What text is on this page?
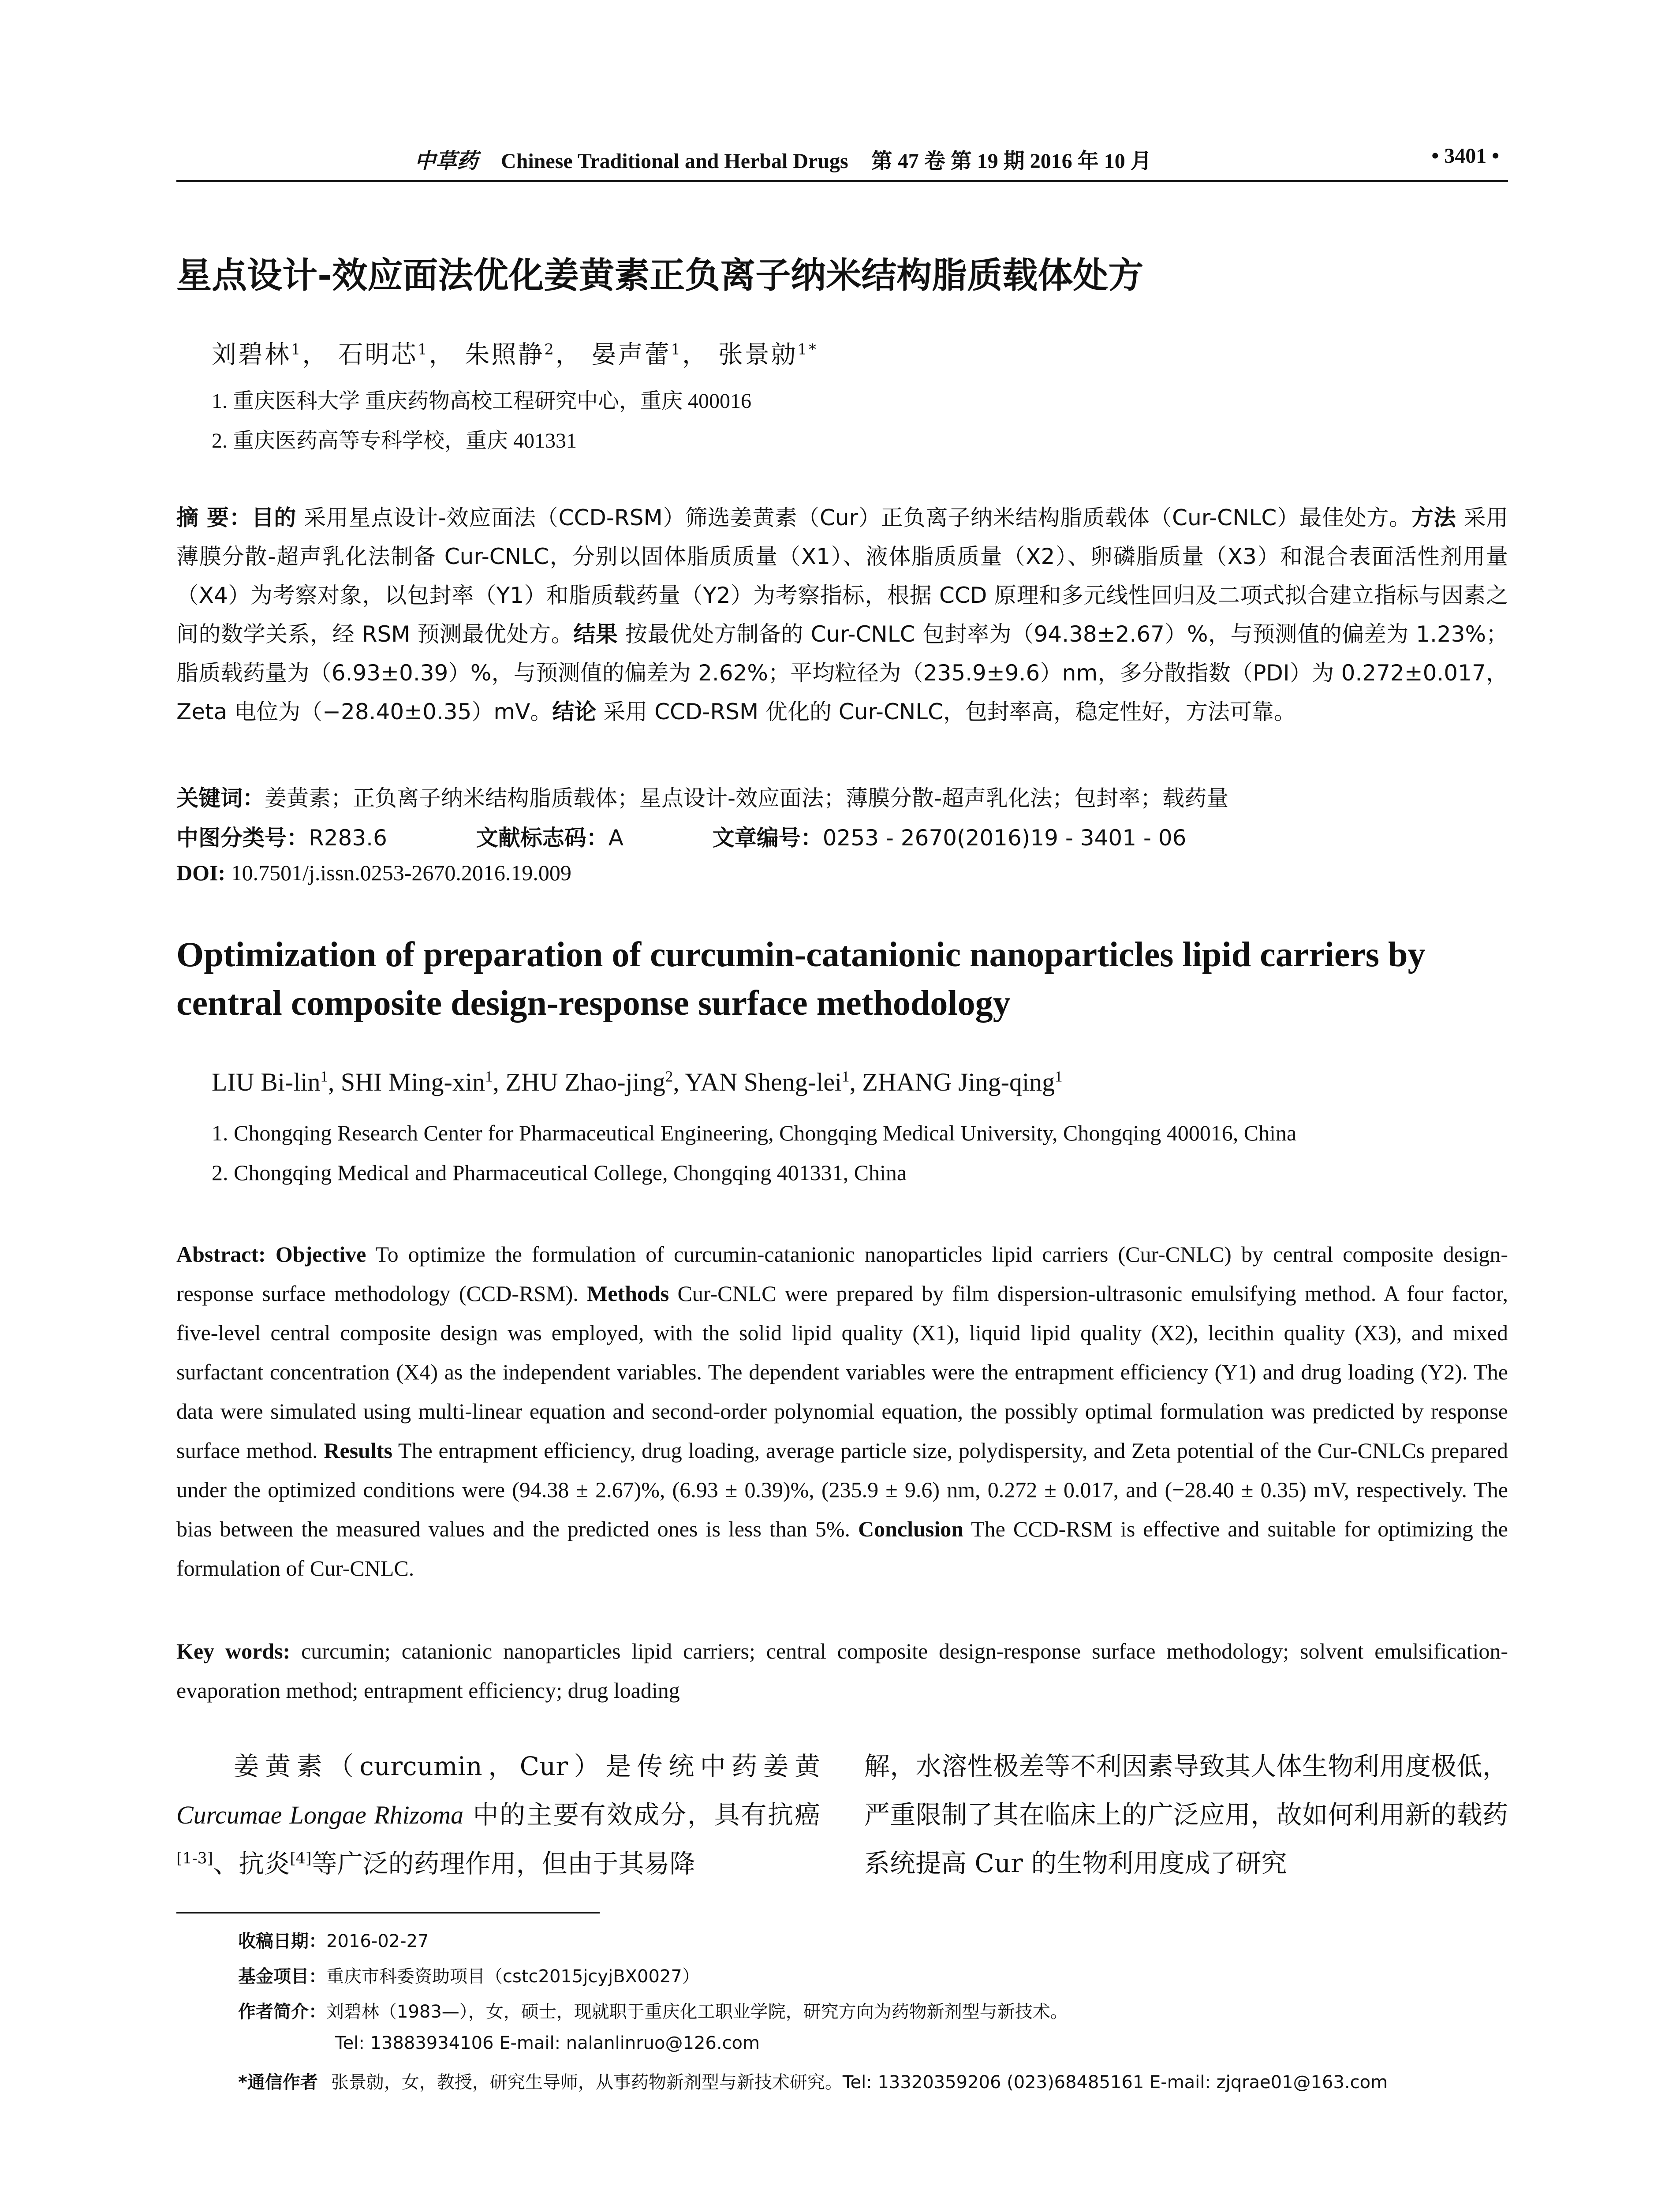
中草药 Chinese Traditional and Herbal Drugs 第 47 卷 第 19 期 2016 年 10 月	• 3401 •
星点设计-效应面法优化姜黄素正负离子纳米结构脂质载体处方
刘碧林$^1$， 石明芯$^1$， 朱照静$^2$， 晏声蕾$^1$， 张景勍$^{1*}$
1. 重庆医科大学 重庆药物高校工程研究中心，重庆 400016
2. 重庆医药高等专科学校，重庆 401331
摘 要：目的 采用星点设计-效应面法（CCD-RSM）筛选姜黄素（Cur）正负离子纳米结构脂质载体（Cur-CNLC）最佳处方。方法 采用薄膜分散-超声乳化法制备 Cur-CNLC，分别以固体脂质质量（X1）、液体脂质质量（X2）、卵磷脂质量（X3）和混合表面活性剂用量（X4）为考察对象，以包封率（Y1）和脂质载药量（Y2）为考察指标，根据 CCD 原理和多元线性回归及二项式拟合建立指标与因素之间的数学关系，经 RSM 预测最优处方。结果 按最优处方制备的 Cur-CNLC 包封率为（94.38±2.67）%，与预测值的偏差为 1.23%；脂质载药量为（6.93±0.39）%，与预测值的偏差为 2.62%；平均粒径为（235.9±9.6）nm，多分散指数（PDI）为 0.272±0.017，Zeta 电位为（−28.40±0.35）mV。结论 采用 CCD-RSM 优化的 Cur-CNLC，包封率高，稳定性好，方法可靠。
关键词：姜黄素；正负离子纳米结构脂质载体；星点设计-效应面法；薄膜分散-超声乳化法；包封率；载药量
中图分类号：R283.6	文献标志码：A	文章编号：0253 - 2670(2016)19 - 3401 - 06
DOI: 10.7501/j.issn.0253-2670.2016.19.009
Optimization of preparation of curcumin-catanionic nanoparticles lipid carriers by central composite design-response surface methodology
LIU Bi-lin$^1$, SHI Ming-xin$^1$, ZHU Zhao-jing$^2$, YAN Sheng-lei$^1$, ZHANG Jing-qing$^1$
1. Chongqing Research Center for Pharmaceutical Engineering, Chongqing Medical University, Chongqing 400016, China
2. Chongqing Medical and Pharmaceutical College, Chongqing 401331, China
Abstract: Objective To optimize the formulation of curcumin-catanionic nanoparticles lipid carriers (Cur-CNLC) by central composite design-response surface methodology (CCD-RSM). Methods Cur-CNLC were prepared by film dispersion-ultrasonic emulsifying method. A four factor, five-level central composite design was employed, with the solid lipid quality (X1), liquid lipid quality (X2), lecithin quality (X3), and mixed surfactant concentration (X4) as the independent variables. The dependent variables were the entrapment efficiency (Y1) and drug loading (Y2). The data were simulated using multi-linear equation and second-order polynomial equation, the possibly optimal formulation was predicted by response surface method. Results The entrapment efficiency, drug loading, average particle size, polydispersity, and Zeta potential of the Cur-CNLCs prepared under the optimized conditions were (94.38 ± 2.67)%, (6.93 ± 0.39)%, (235.9 ± 9.6) nm, 0.272 ± 0.017, and (−28.40 ± 0.35) mV, respectively. The bias between the measured values and the predicted ones is less than 5%. Conclusion The CCD-RSM is effective and suitable for optimizing the formulation of Cur-CNLC.
Key words: curcumin; catanionic nanoparticles lipid carriers; central composite design-response surface methodology; solvent emulsification-evaporation method; entrapment efficiency; drug loading
姜黄素（curcumin，Cur）是传统中药姜黄 Curcumae Longae Rhizoma 中的主要有效成分，具有抗癌[1-3]、抗炎[4]等广泛的药理作用，但由于其易降
解，水溶性极差等不利因素导致其人体生物利用度极低，严重限制了其在临床上的广泛应用，故如何利用新的载药系统提高 Cur 的生物利用度成了研究
收稿日期：2016-02-27
基金项目：重庆市科委资助项目（cstc2015jcyjBX0027）
作者简介：刘碧林（1983—），女，硕士，现就职于重庆化工职业学院，研究方向为药物新剂型与新技术。
Tel: 13883934106 E-mail: nalanlinruo@126.com
*通信作者 张景勍，女，教授，研究生导师，从事药物新剂型与新技术研究。Tel: 13320359206 (023)68485161 E-mail: zjqrae01@163.com
